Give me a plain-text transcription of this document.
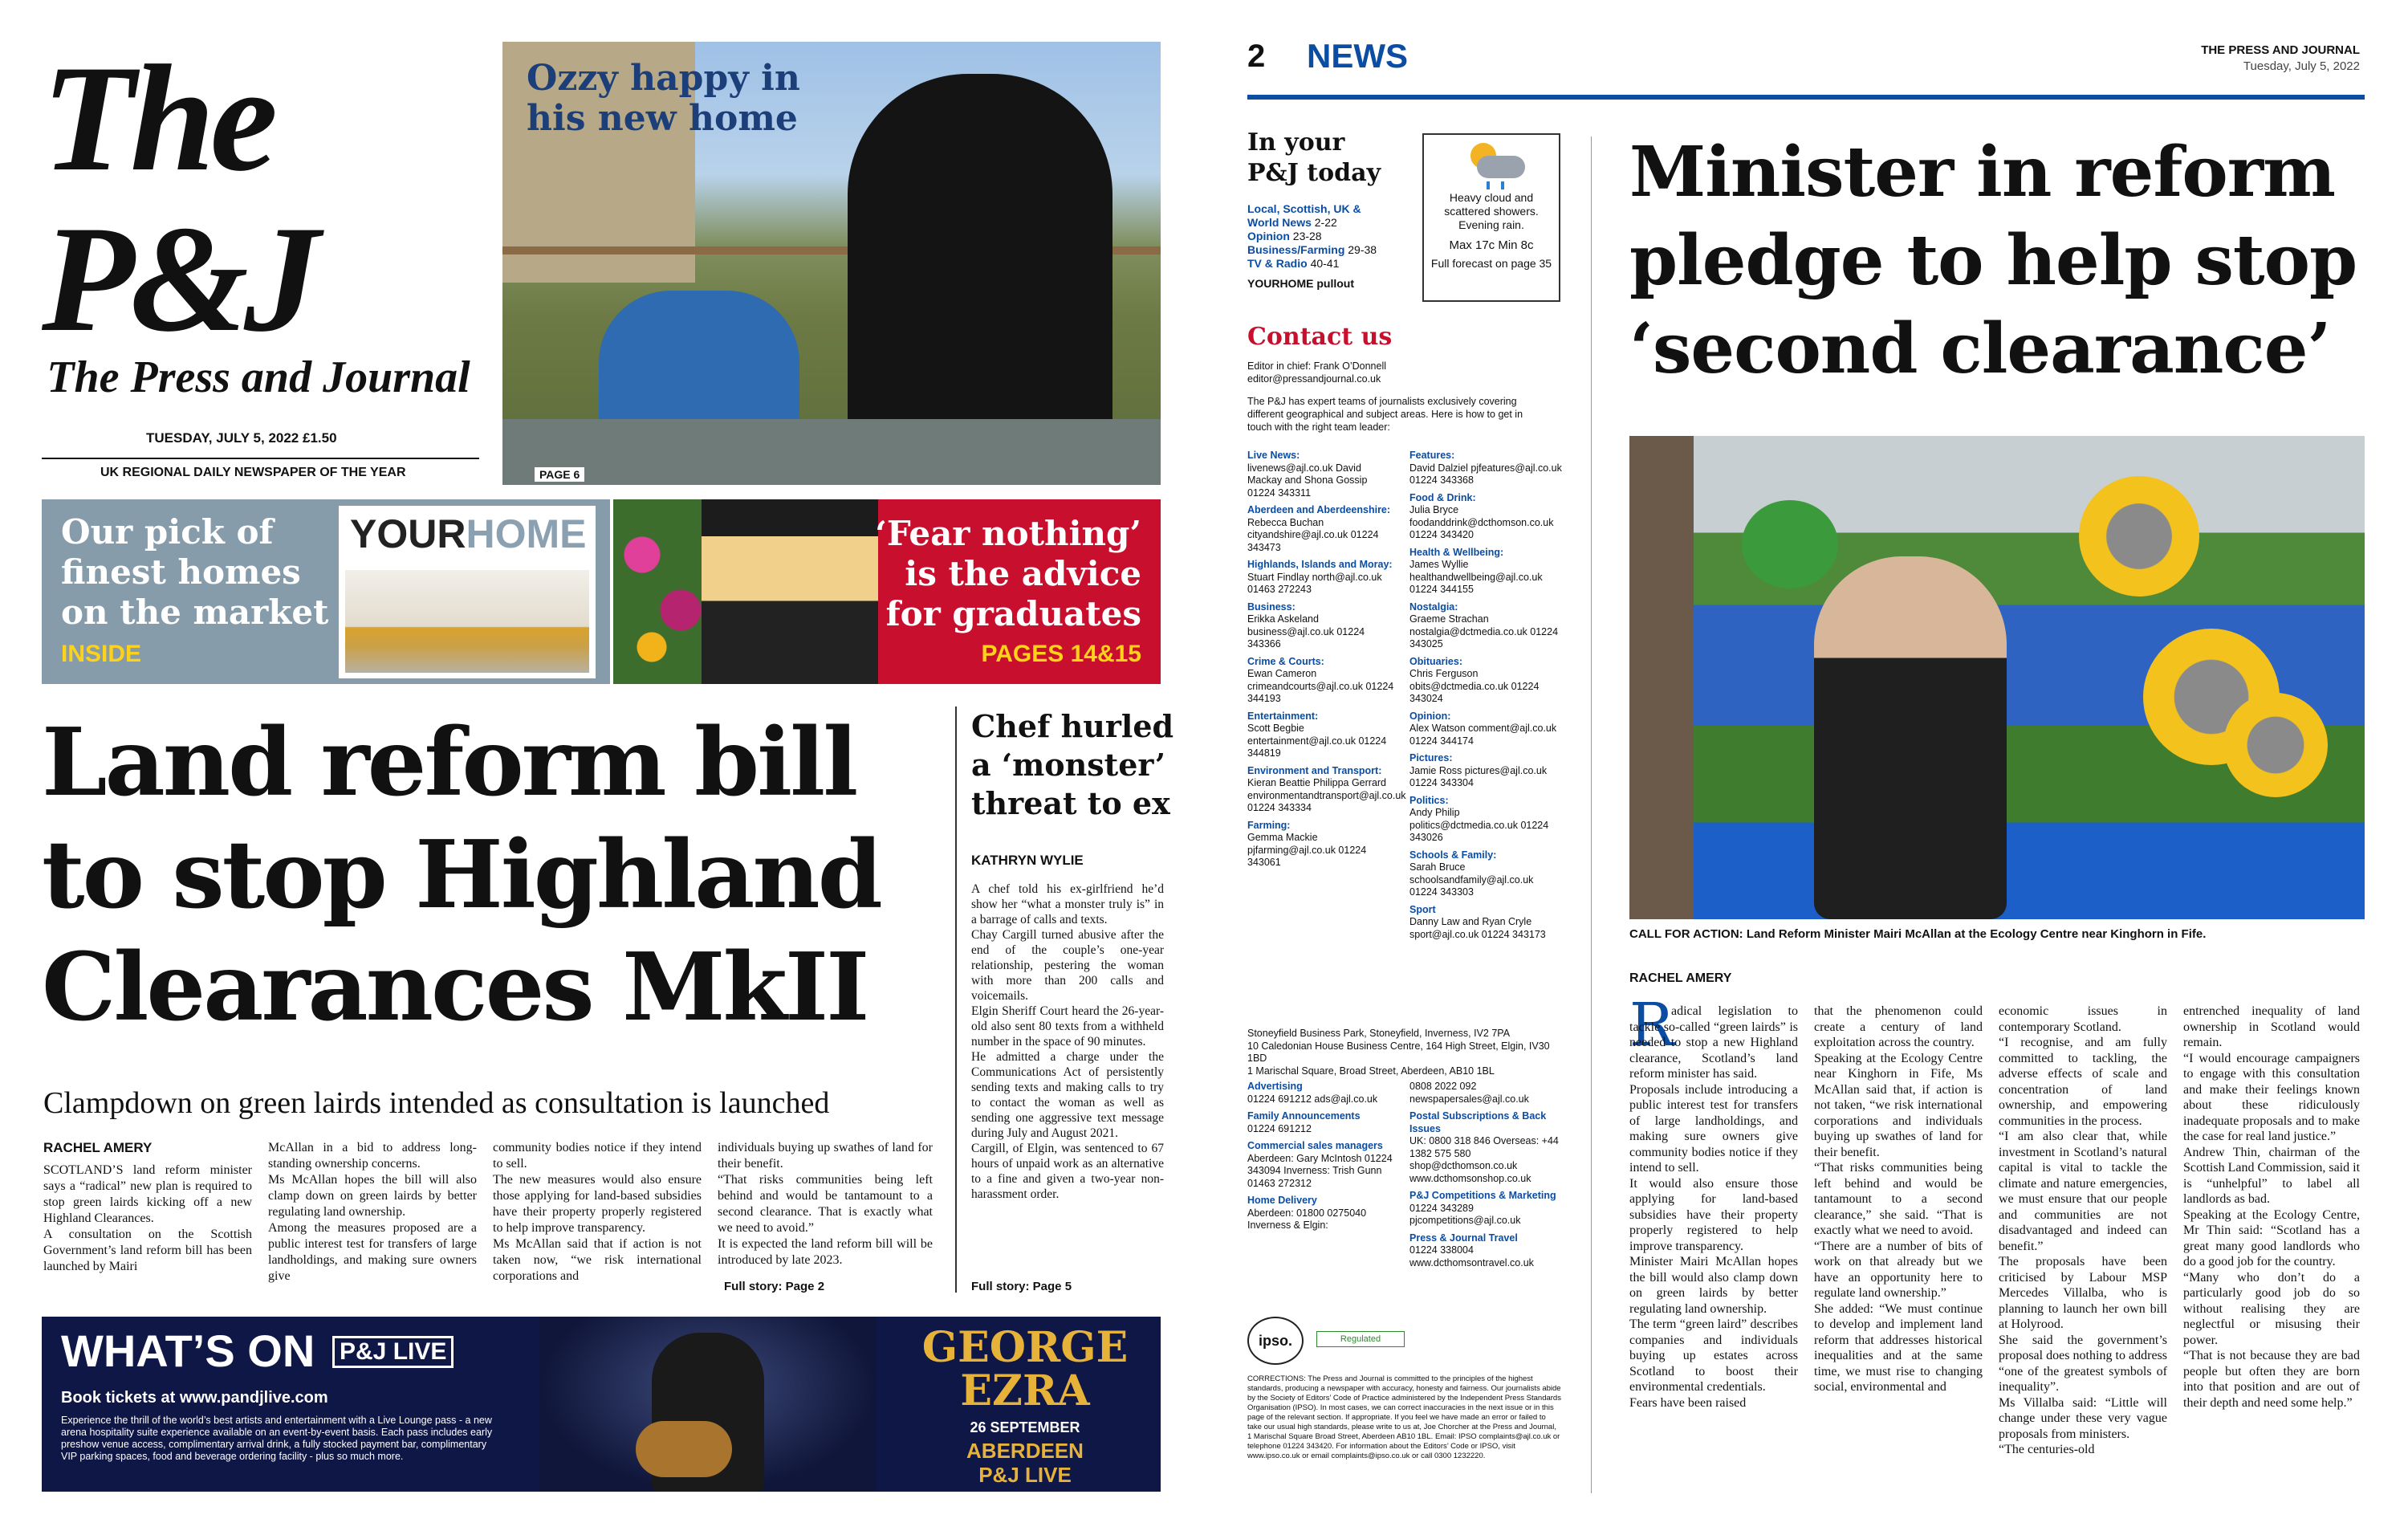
The P&J
The Press and Journal
TUESDAY, JULY 5, 2022 £1.50
UK REGIONAL DAILY NEWSPAPER OF THE YEAR
Ozzy happy in
his new home
PAGE 6
Our pick of
finest homes
on the market
INSIDE
YOURHOME	‘Fear nothing’
is the advice
for graduates
PAGES 14&15
Land reform bill
to stop Highland
Clearances MkII
Clampdown on green lairds intended as consultation is launched
RACHEL AMERY
SCOTLAND’S land reform minister says a “radical” new plan is required to stop green lairds kicking off a new Highland Clearances.
A consultation on the Scottish Government’s land reform bill has been launched by Mairi
McAllan in a bid to address long-standing ownership concerns.
Ms McAllan hopes the bill will also clamp down on green lairds by better regulating land ownership.
Among the measures proposed are a public interest test for transfers of large landholdings, and making sure owners give
community bodies notice if they intend to sell.
The new measures would also ensure those applying for land-based subsidies have their property properly registered to help improve transparency.
Ms McAllan said that if action is not taken now, “we risk international corporations and
individuals buying up swathes of land for their benefit.
“That risks communities being left behind and would be tantamount to a second clearance. That is exactly what we need to avoid.”
It is expected the land reform bill will be introduced by late 2023.
Full story: Page 2
Chef hurled
a ‘monster’
threat to ex
KATHRYN WYLIE
A chef told his ex-girlfriend he’d show her “what a monster truly is” in a barrage of calls and texts.
Chay Cargill turned abusive after the end of the couple’s one-year relationship, pestering the woman with more than 200 calls and voicemails.
Elgin Sheriff Court heard the 26-year-old also sent 80 texts from a withheld number in the space of 90 minutes.
He admitted a charge under the Communications Act of persistently sending texts and making calls to try to contact the woman as well as sending one aggressive text message during July and August 2021.
Cargill, of Elgin, was sentenced to 67 hours of unpaid work as an alternative to a fine and given a two-year non-harassment order.
Full story: Page 5
WHAT’S ON	P&J LIVE
Book tickets at www.pandjlive.com
Experience the thrill of the world’s best artists and entertainment with a Live Lounge pass - a new arena hospitality suite experience available on an event-by-event basis. Each pass includes early preshow venue access, complimentary arrival drink, a fully stocked payment bar, complimentary VIP parking spaces, food and beverage ordering facility - plus so much more.
GEORGE
EZRA
26 SEPTEMBER
ABERDEEN
P&J LIVE
2 NEWS	THE PRESS AND JOURNAL
Tuesday, July 5, 2022
In your
P&J today
Local, Scottish, UK & World News 2-22
Opinion 23-28
Business/Farming 29-38
TV & Radio 40-41
YOURHOME pullout
Heavy cloud and scattered showers. Evening rain.
Max 17c Min 8c
Full forecast on page 35
Contact us
Editor in chief: Frank O’Donnell editor@pressandjournal.co.uk
The P&J has expert teams of journalists exclusively covering different geographical and subject areas. Here is how to get in touch with the right team leader:
Live News:
livenews@ajl.co.uk David Mackay and Shona Gossip 01224 343311
Aberdeen and Aberdeenshire:
Rebecca Buchan cityandshire@ajl.co.uk 01224 343473
Highlands, Islands and Moray:
Stuart Findlay north@ajl.co.uk 01463 272243
Business:
Erikka Askeland business@ajl.co.uk 01224 343366
Crime & Courts:
Ewan Cameron crimeandcourts@ajl.co.uk 01224 344193
Entertainment:
Scott Begbie entertainment@ajl.co.uk 01224 344819
Environment and Transport:
Kieran Beattie Philippa Gerrard environmentandtransport@ajl.co.uk 01224 343334
Farming:
Gemma Mackie pjfarming@ajl.co.uk 01224 343061
Features:
David Dalziel pjfeatures@ajl.co.uk 01224 343368
Food & Drink:
Julia Bryce foodanddrink@dcthomson.co.uk 01224 343420
Health & Wellbeing:
James Wyllie healthandwellbeing@ajl.co.uk 01224 344155
Nostalgia:
Graeme Strachan nostalgia@dctmedia.co.uk 01224 343025
Obituaries:
Chris Ferguson obits@dctmedia.co.uk 01224 343024
Opinion:
Alex Watson comment@ajl.co.uk 01224 344174
Pictures:
Jamie Ross pictures@ajl.co.uk 01224 343304
Politics:
Andy Philip politics@dctmedia.co.uk 01224 343026
Schools & Family:
Sarah Bruce schoolsandfamily@ajl.co.uk 01224 343303
Sport
Danny Law and Ryan Cryle sport@ajl.co.uk 01224 343173
Stoneyfield Business Park, Stoneyfield, Inverness, IV2 7PA
10 Caledonian House Business Centre, 164 High Street, Elgin, IV30 1BD
1 Marischal Square, Broad Street, Aberdeen, AB10 1BL
Advertising
01224 691212 ads@ajl.co.uk
Family Announcements
01224 691212
Commercial sales managers
Aberdeen: Gary McIntosh 01224 343094 Inverness: Trish Gunn 01463 272312
Home Delivery
Aberdeen: 01800 0275040 Inverness & Elgin:
0808 2022 092 newspapersales@ajl.co.uk
Postal Subscriptions & Back Issues
UK: 0800 318 846 Overseas: +44 1382 575 580 shop@dcthomson.co.uk www.dcthomsonshop.co.uk
P&J Competitions & Marketing
01224 343289 pjcompetitions@ajl.co.uk
Press & Journal Travel
01224 338004 www.dcthomsontravel.co.uk
ipso.	Regulated
CORRECTIONS: The Press and Journal is committed to the principles of the highest standards, producing a newspaper with accuracy, honesty and fairness. Our journalists abide by the Society of Editors’ Code of Practice administered by the Independent Press Standards Organisation (IPSO). In most cases, we can correct inaccuracies in the next issue or in this page of the relevant section. If appropriate. If you feel we have made an error or failed to take our usual high standards, please write to us at, Joe Chorcher at the Press and Journal, 1 Marischal Square Broad Street, Aberdeen AB10 1BL. Email: IPSO complaints@ajl.co.uk or telephone 01224 343420. For information about the Editors’ Code or IPSO, visit www.ipso.co.uk or email complaints@ipso.co.uk or call 0300 1232220.
Minister in reform
pledge to help stop
‘second clearance’
CALL FOR ACTION: Land Reform Minister Mairi McAllan at the Ecology Centre near Kinghorn in Fife.
RACHEL AMERY
R
adical legislation to tackle so-called “green lairds” is needed to stop a new Highland clearance, Scotland’s land reform minister has said.
Proposals include introducing a public interest test for transfers of large landholdings, and making sure owners give community bodies notice if they intend to sell.
It would also ensure those applying for land-based subsidies have their property properly registered to help improve transparency.
Minister Mairi McAllan hopes the bill would also clamp down on green lairds by better regulating land ownership.
The term “green laird” describes companies and individuals buying up estates across Scotland to boost their environmental credentials.
Fears have been raised
that the phenomenon could create a century of land exploitation across the country.
Speaking at the Ecology Centre near Kinghorn in Fife, Ms McAllan said that, if action is not taken, “we risk international corporations and individuals buying up swathes of land for their benefit.
“That risks communities being left behind and would be tantamount to a second clearance,” she said. “That is exactly what we need to avoid.
“There are a number of bits of work on that already but we have an opportunity here to regulate land ownership.”
She added: “We must continue to develop and implement land reform that addresses historical inequalities and at the same time, we must rise to changing social, environmental and
economic issues in contemporary Scotland.
“I recognise, and am fully committed to tackling, the adverse effects of scale and concentration of land ownership, and empowering communities in the process.
“I am also clear that, while investment in Scotland’s natural capital is vital to tackle the climate and nature emergencies, we must ensure that our people and communities are not disadvantaged and indeed can benefit.”
The proposals have been criticised by Labour MSP Mercedes Villalba, who is planning to launch her own bill at Holyrood.
She said the government’s proposal does nothing to address “one of the greatest symbols of inequality”.
Ms Villalba said: “Little will change under these very vague proposals from ministers.
“The centuries-old
entrenched inequality of land ownership in Scotland would remain.
“I would encourage campaigners to engage with this consultation and make their feelings known about these ridiculously inadequate proposals and to make the case for real land justice.”
Andrew Thin, chairman of the Scottish Land Commission, said it is “unhelpful” to label all landlords as bad.
Speaking at the Ecology Centre, Mr Thin said: “Scotland has a great many good landlords who do a good job for the country.
“Many who don’t do a particularly good job do so without realising they are neglectful or misusing their power.
“That is not because they are bad people but often they are born into that position and are out of their depth and need some help.”
